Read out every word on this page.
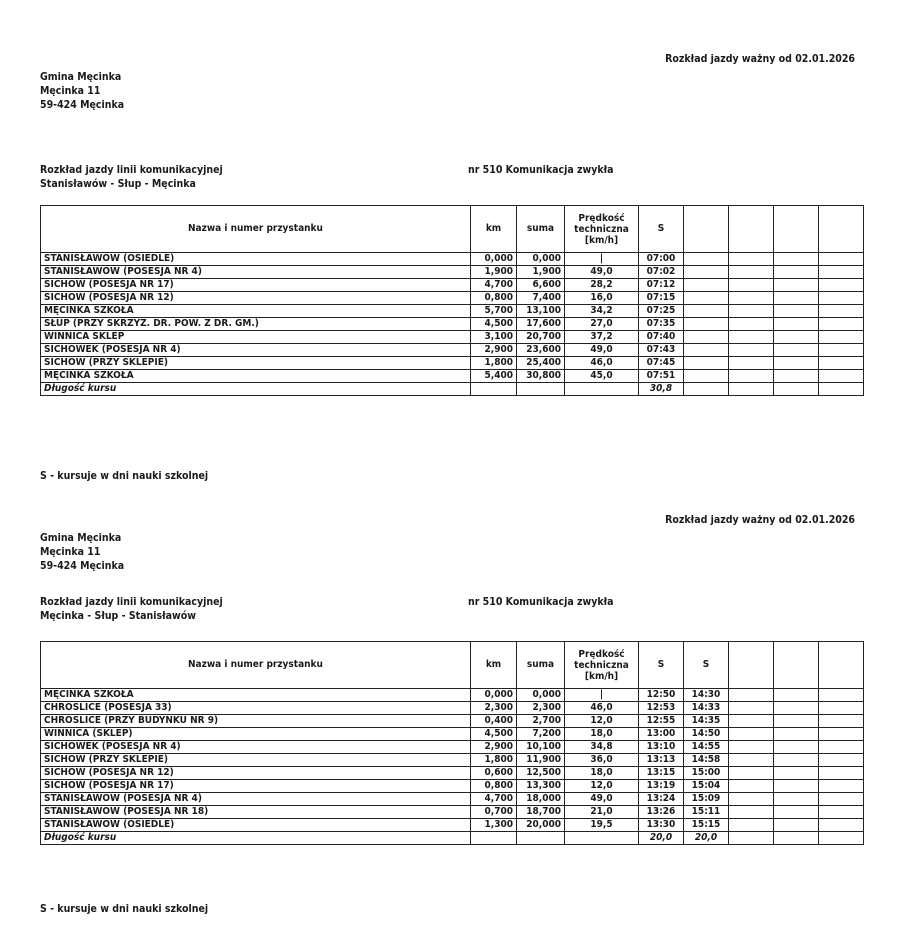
Rozkład jazdy ważny od 02.01.2026
Gmina Męcinka
Męcinka 11
59-424 Męcinka
Rozkład jazdy linii komunikacyjnej
Stanisławów - Słup - Męcinka
nr 510 Komunikacja zwykła
Nazwa i numer przystanku	km	suma	Prędkość techniczna [km/h]	S				
STANISŁAWÓW (OSIEDLE)	0,000	0,000	|	07:00				
STANISŁAWÓW (POSESJA NR 4)	1,900	1,900	49,0	07:02				
SICHÓW (POSESJA NR 17)	4,700	6,600	28,2	07:12				
SICHÓW (POSESJA NR 12)	0,800	7,400	16,0	07:15				
MĘCINKA SZKOŁA	5,700	13,100	34,2	07:25				
SŁUP (PRZY SKRZYŻ. DR. POW. Z DR. GM.)	4,500	17,600	27,0	07:35				
WINNICA SKLEP	3,100	20,700	37,2	07:40				
SICHÓWEK (POSESJA NR 4)	2,900	23,600	49,0	07:43				
SICHÓW (PRZY SKLEPIE)	1,800	25,400	46,0	07:45				
MĘCINKA SZKOŁA	5,400	30,800	45,0	07:51				
Długość kursu				30,8				
S - kursuje w dni nauki szkolnej
Rozkład jazdy ważny od 02.01.2026
Gmina Męcinka
Męcinka 11
59-424 Męcinka
Rozkład jazdy linii komunikacyjnej
Męcinka - Słup - Stanisławów
nr 510 Komunikacja zwykła
Nazwa i numer przystanku	km	suma	Prędkość techniczna [km/h]	S	S			
MĘCINKA SZKOŁA	0,000	0,000	|	12:50	14:30			
CHROŚLICE (POSESJA 33)	2,300	2,300	46,0	12:53	14:33			
CHROŚLICE (PRZY BUDYNKU NR 9)	0,400	2,700	12,0	12:55	14:35			
WINNICA (SKLEP)	4,500	7,200	18,0	13:00	14:50			
SICHÓWEK (POSESJA NR 4)	2,900	10,100	34,8	13:10	14:55			
SICHÓW (PRZY SKLEPIE)	1,800	11,900	36,0	13:13	14:58			
SICHÓW (POSESJA NR 12)	0,600	12,500	18,0	13:15	15:00			
SICHÓW (POSESJA NR 17)	0,800	13,300	12,0	13:19	15:04			
STANISŁAWÓW (POSESJA NR 4)	4,700	18,000	49,0	13:24	15:09			
STANISŁAWÓW (POSESJA NR 18)	0,700	18,700	21,0	13:26	15:11			
STANISŁAWÓW (OSIEDLE)	1,300	20,000	19,5	13:30	15:15			
Długość kursu				20,0	20,0			
S - kursuje w dni nauki szkolnej
